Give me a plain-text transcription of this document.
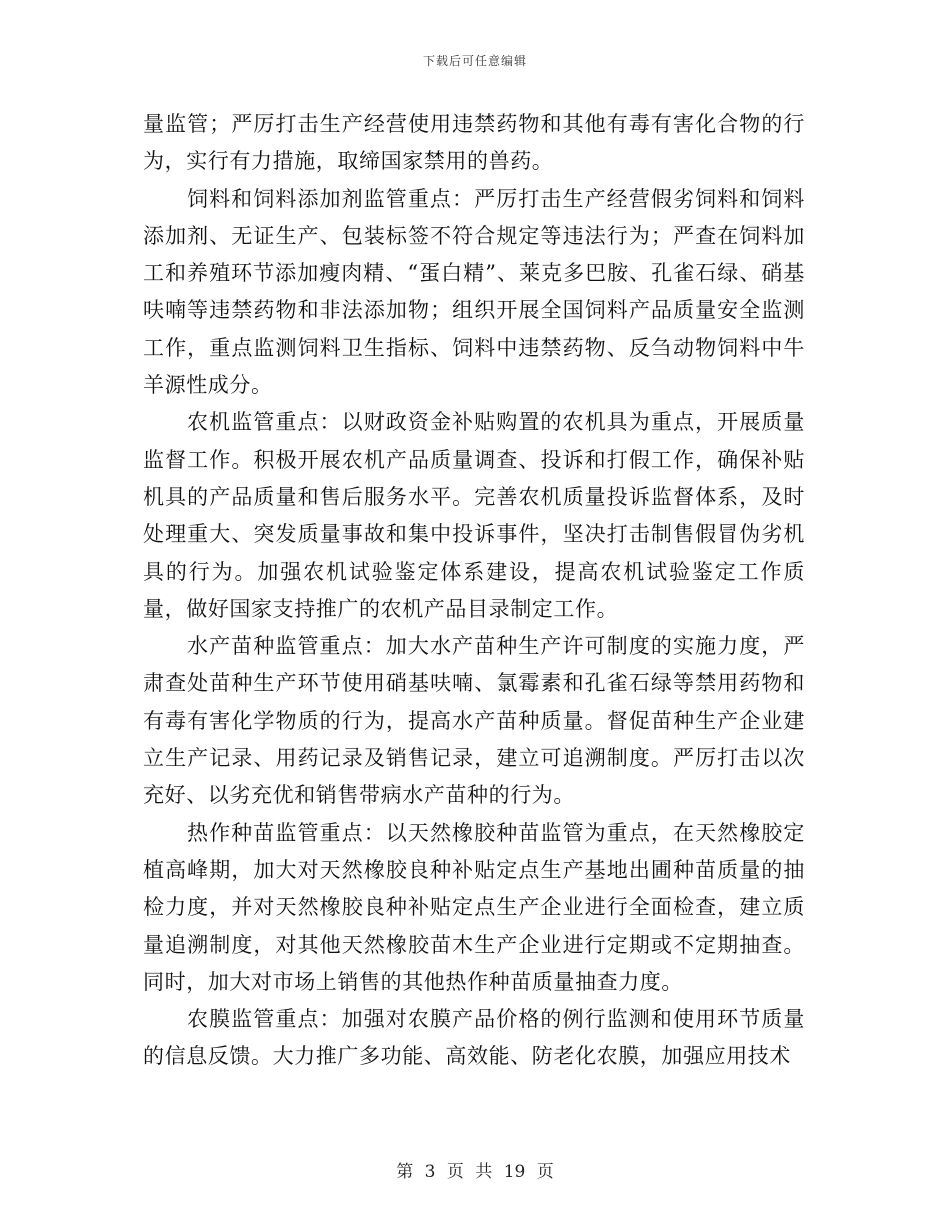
下载后可任意编辑

量监管；严厉打击生产经营使用违禁药物和其他有毒有害化合物的行为，实行有力措施，取缔国家禁用的兽药。

饲料和饲料添加剂监管重点：严厉打击生产经营假劣饲料和饲料添加剂、无证生产、包装标签不符合规定等违法行为；严查在饲料加工和养殖环节添加瘦肉精、“蛋白精”、莱克多巴胺、孔雀石绿、硝基呋喃等违禁药物和非法添加物；组织开展全国饲料产品质量安全监测工作，重点监测饲料卫生指标、饲料中违禁药物、反刍动物饲料中牛羊源性成分。

农机监管重点：以财政资金补贴购置的农机具为重点，开展质量监督工作。积极开展农机产品质量调查、投诉和打假工作，确保补贴机具的产品质量和售后服务水平。完善农机质量投诉监督体系，及时处理重大、突发质量事故和集中投诉事件，坚决打击制售假冒伪劣机具的行为。加强农机试验鉴定体系建设，提高农机试验鉴定工作质量，做好国家支持推广的农机产品目录制定工作。

水产苗种监管重点：加大水产苗种生产许可制度的实施力度，严肃查处苗种生产环节使用硝基呋喃、氯霉素和孔雀石绿等禁用药物和有毒有害化学物质的行为，提高水产苗种质量。督促苗种生产企业建立生产记录、用药记录及销售记录，建立可追溯制度。严厉打击以次充好、以劣充优和销售带病水产苗种的行为。

热作种苗监管重点：以天然橡胶种苗监管为重点，在天然橡胶定植高峰期，加大对天然橡胶良种补贴定点生产基地出圃种苗质量的抽检力度，并对天然橡胶良种补贴定点生产企业进行全面检查，建立质量追溯制度，对其他天然橡胶苗木生产企业进行定期或不定期抽查。同时，加大对市场上销售的其他热作种苗质量抽查力度。

农膜监管重点：加强对农膜产品价格的例行监测和使用环节质量的信息反馈。大力推广多功能、高效能、防老化农膜，加强应用技术

第 3 页 共 19 页
